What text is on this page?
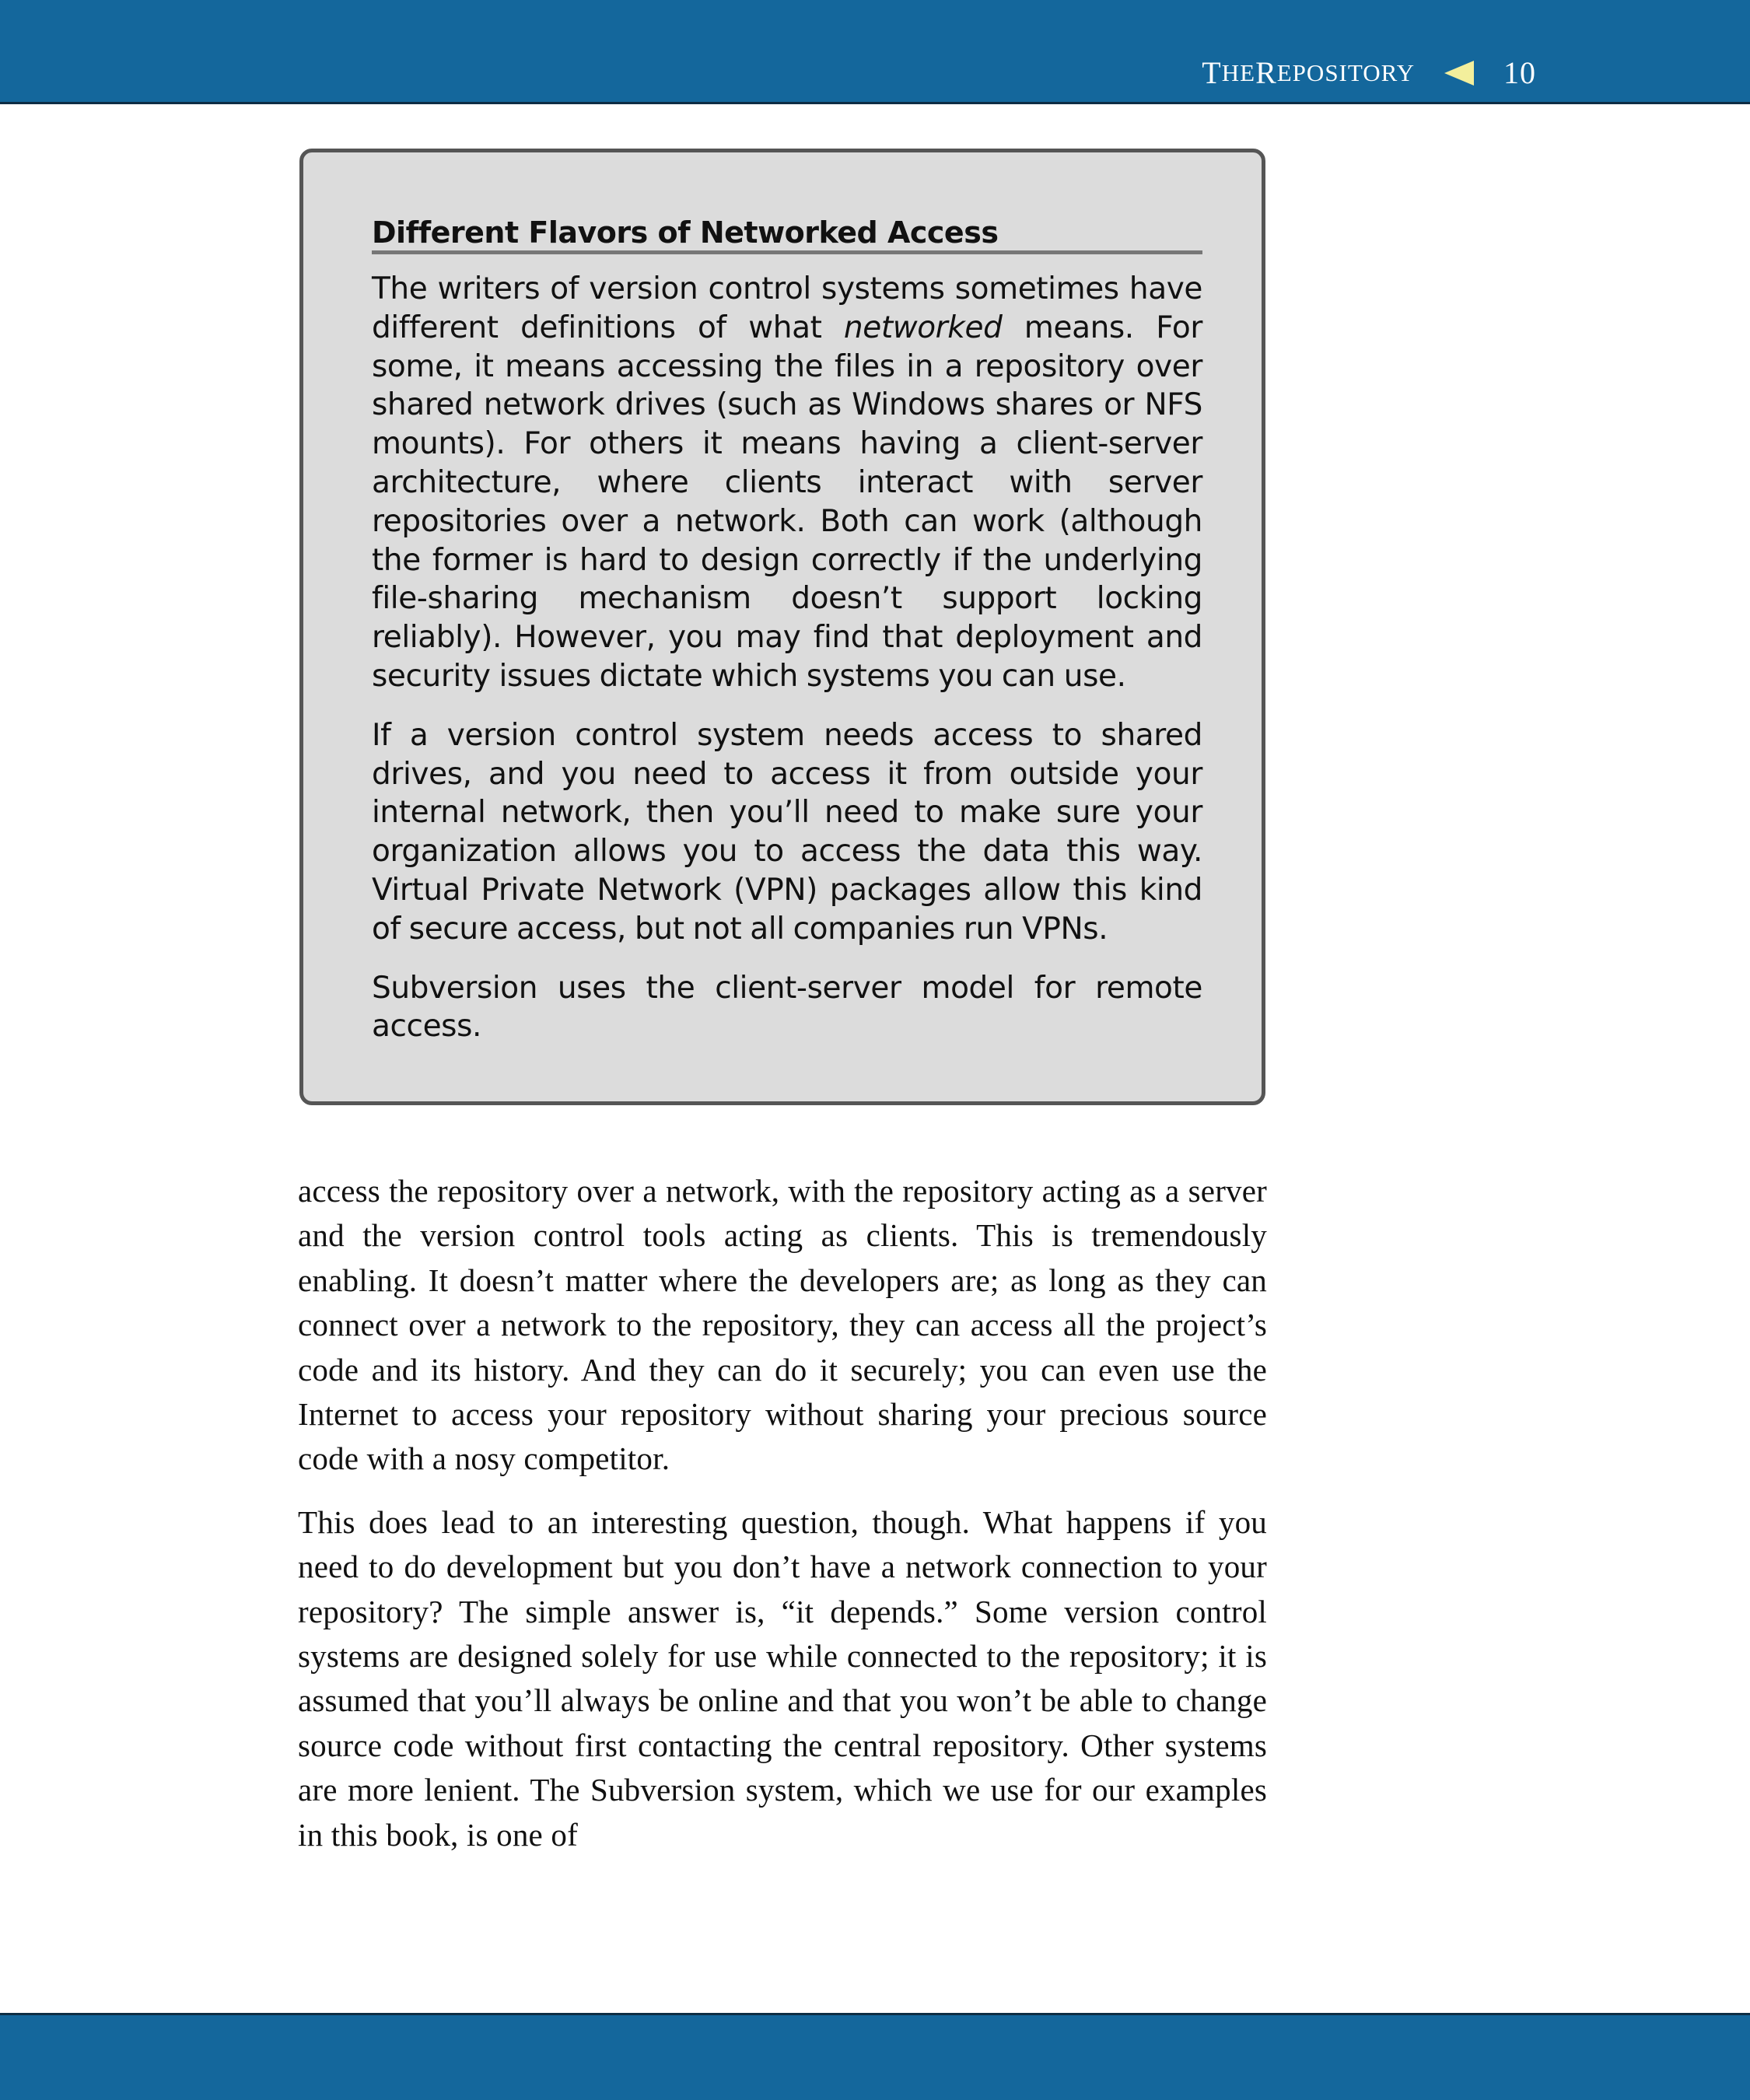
T HE R EPOSITORY	10
Different Flavors of Networked Access

The writers of version control systems sometimes have different definitions of what networked means. For some, it means accessing the files in a repository over shared network drives (such as Windows shares or NFS mounts). For others it means having a client-server architecture, where clients interact with server repositories over a network. Both can work (although the former is hard to design correctly if the underlying file-sharing mechanism doesn’t support locking reliably). However, you may find that deployment and security issues dictate which systems you can use.

If a version control system needs access to shared drives, and you need to access it from outside your internal network, then you’ll need to make sure your organization allows you to access the data this way. Virtual Private Network (VPN) packages allow this kind of secure access, but not all companies run VPNs.

Subversion uses the client-server model for remote access.

access the repository over a network, with the repository acting as a server and the version control tools acting as clients. This is tremendously enabling. It doesn’t matter where the developers are; as long as they can connect over a network to the repository, they can access all the project’s code and its history. And they can do it securely; you can even use the Internet to access your repository without sharing your precious source code with a nosy competitor.

This does lead to an interesting question, though. What happens if you need to do development but you don’t have a network connection to your repository? The simple answer is, “it depends.” Some version control systems are designed solely for use while connected to the repository; it is assumed that you’ll always be online and that you won’t be able to change source code without first contacting the central repository. Other systems are more lenient. The Subversion system, which we use for our examples in this book, is one of
